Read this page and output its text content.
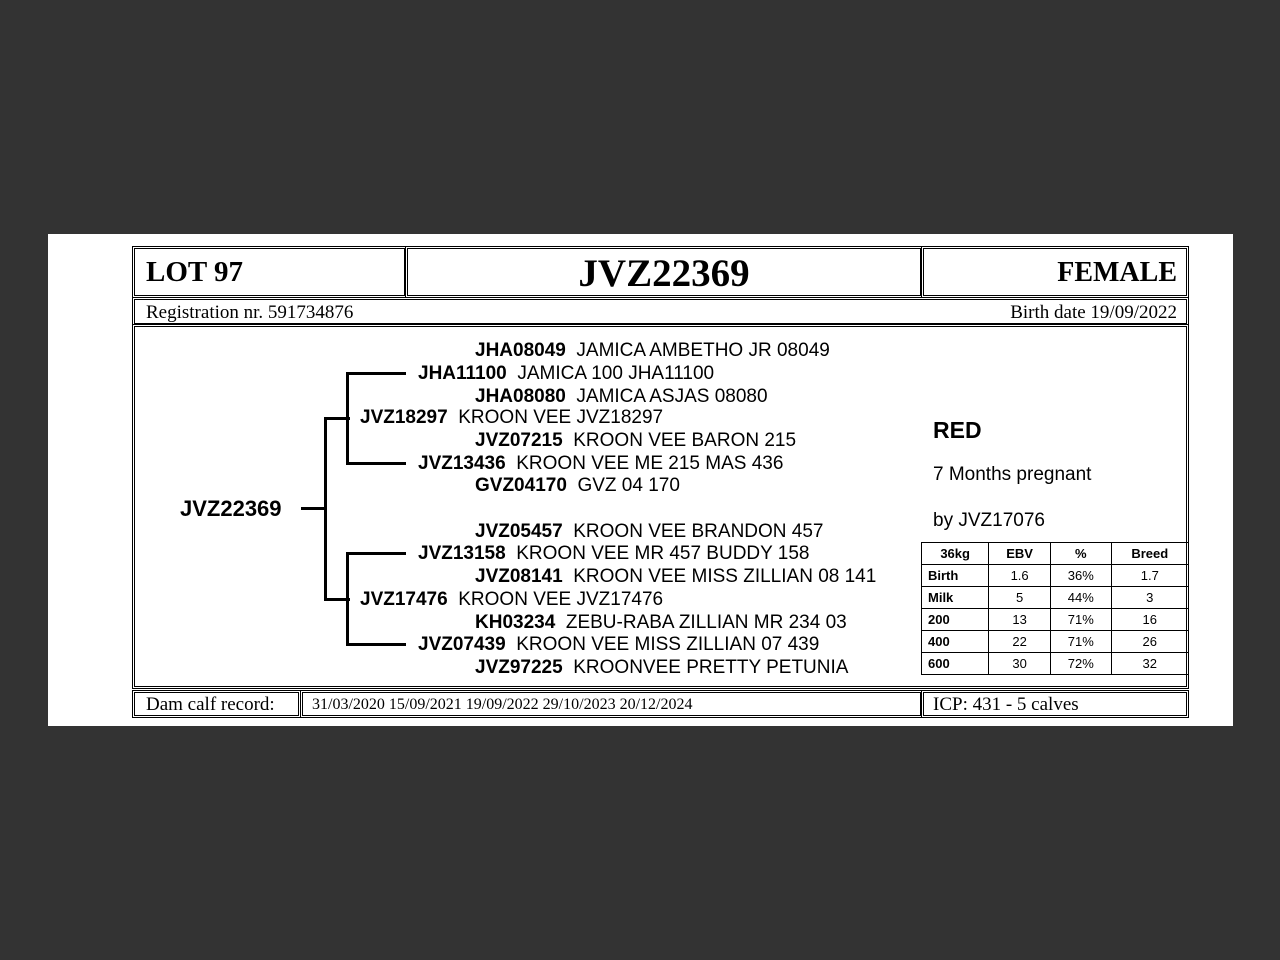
LOT 97	JVZ22369	FEMALE
Registration nr. 591734876	Birth date 19/09/2022
JVZ22369
JHA08049 JAMICA AMBETHO JR 08049
JHA11100 JAMICA 100 JHA11100
JHA08080 JAMICA ASJAS 08080
JVZ18297 KROON VEE JVZ18297
JVZ07215 KROON VEE BARON 215
JVZ13436 KROON VEE ME 215 MAS 436
GVZ04170 GVZ 04 170
JVZ05457 KROON VEE BRANDON 457
JVZ13158 KROON VEE MR 457 BUDDY 158
JVZ08141 KROON VEE MISS ZILLIAN 08 141
JVZ17476 KROON VEE JVZ17476
KH03234 ZEBU-RABA ZILLIAN MR 234 03
JVZ07439 KROON VEE MISS ZILLIAN 07 439
JVZ97225 KROONVEE PRETTY PETUNIA
RED
7 Months pregnant
by JVZ17076
36kg	EBV	%	Breed
Birth	1.6	36%	1.7
Milk	5	44%	3
200	13	71%	16
400	22	71%	26
600	30	72%	32
Dam calf record: 31/03/2020 15/09/2021 19/09/2022 29/10/2023 20/12/2024	ICP: 431 - 5 calves
